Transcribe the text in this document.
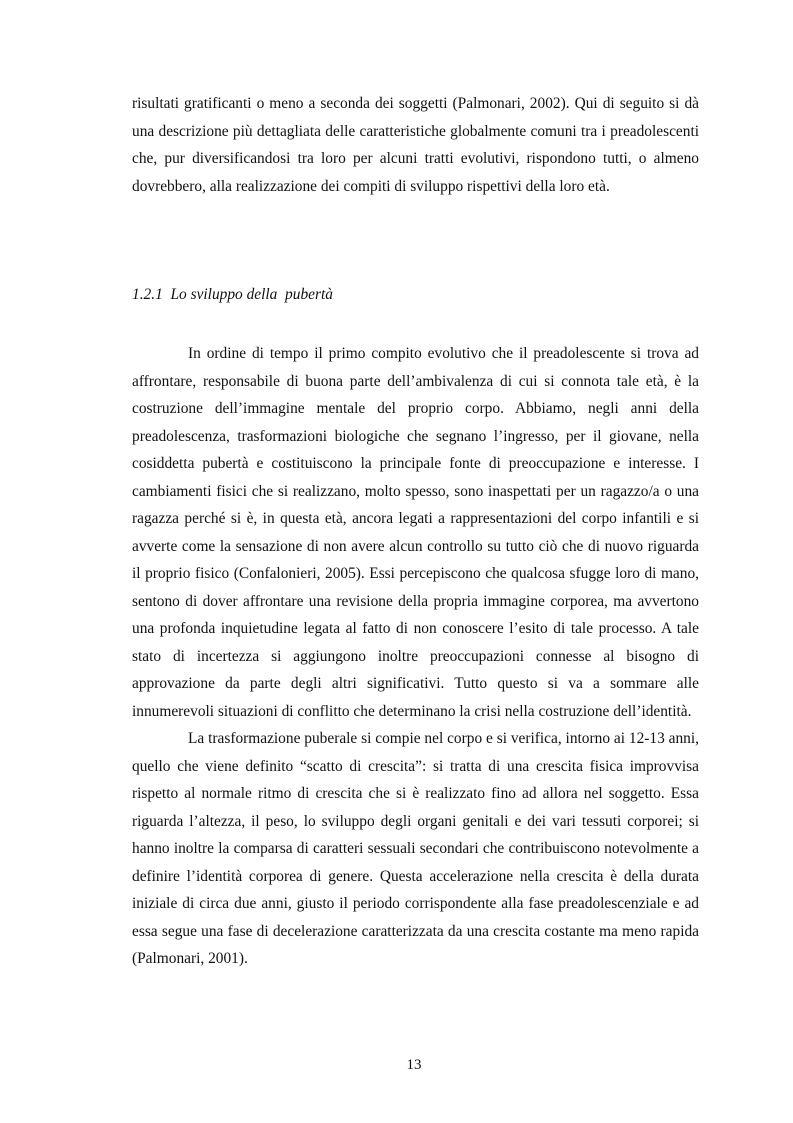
risultati gratificanti o meno a seconda dei soggetti (Palmonari, 2002). Qui di seguito si dà una descrizione più dettagliata delle caratteristiche globalmente comuni tra i preadolescenti che, pur diversificandosi tra loro per alcuni tratti evolutivi, rispondono tutti, o almeno dovrebbero, alla realizzazione dei compiti di sviluppo rispettivi della loro età.

1.2.1  Lo sviluppo della  pubertà

In ordine di tempo il primo compito evolutivo che il preadolescente si trova ad affrontare, responsabile di buona parte dell’ambivalenza di cui si connota tale età, è la costruzione dell’immagine mentale del proprio corpo. Abbiamo, negli anni della preadolescenza, trasformazioni biologiche che segnano l’ingresso, per il giovane, nella cosiddetta pubertà e costituiscono la principale fonte di preoccupazione e interesse. I cambiamenti fisici che si realizzano, molto spesso, sono inaspettati per un ragazzo/a o una ragazza perché si è, in questa età, ancora legati a rappresentazioni del corpo infantili e si avverte come la sensazione di non avere alcun controllo su tutto ciò che di nuovo riguarda il proprio fisico (Confalonieri, 2005). Essi percepiscono che qualcosa sfugge loro di mano, sentono di dover affrontare una revisione della propria immagine corporea, ma avvertono una profonda inquietudine legata al fatto di non conoscere l’esito di tale processo. A tale stato di incertezza si aggiungono inoltre preoccupazioni connesse al bisogno di approvazione da parte degli altri significativi. Tutto questo si va a sommare alle innumerevoli situazioni di conflitto che determinano la crisi nella costruzione dell’identità.

La trasformazione puberale si compie nel corpo e si verifica, intorno ai 12-13 anni, quello che viene definito “scatto di crescita”: si tratta di una crescita fisica improvvisa rispetto al normale ritmo di crescita che si è realizzato fino ad allora nel soggetto. Essa riguarda l’altezza, il peso, lo sviluppo degli organi genitali e dei vari tessuti corporei; si hanno inoltre la comparsa di caratteri sessuali secondari che contribuiscono notevolmente a definire l’identità corporea di genere. Questa accelerazione nella crescita è della durata iniziale di circa due anni, giusto il periodo corrispondente alla fase preadolescenziale e ad essa segue una fase di decelerazione caratterizzata da una crescita costante ma meno rapida (Palmonari, 2001).

13
